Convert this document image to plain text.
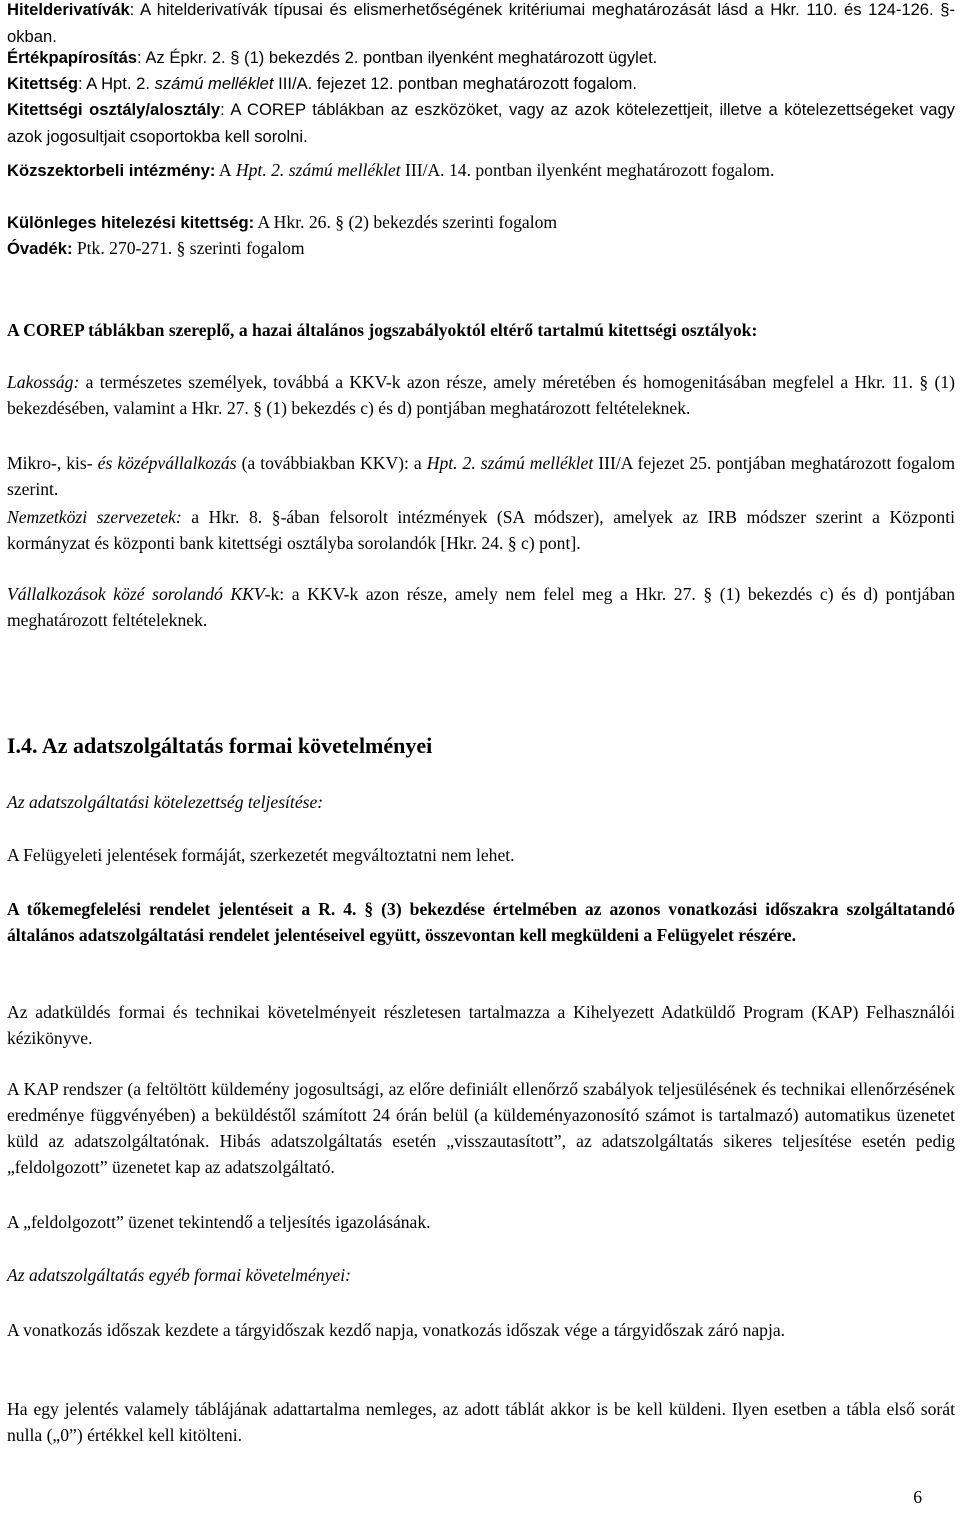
Hitelderivatívák: A hitelderivatívák típusai és elismerhetőségének kritériumai meghatározását lásd a Hkr. 110. és 124-126. §-okban.

Értékpapírosítás: Az Épkr. 2. § (1) bekezdés 2. pontban ilyenként meghatározott ügylet.

Kitettség: A Hpt. 2. számú melléklet III/A. fejezet 12. pontban meghatározott fogalom.

Kitettségi osztály/alosztály: A COREP táblákban az eszközöket, vagy az azok kötelezettjeit, illetve a kötelezettségeket vagy azok jogosultjait csoportokba kell sorolni.

Közszektorbeli intézmény: A Hpt. 2. számú melléklet III/A. 14. pontban ilyenként meghatározott fogalom.

Különleges hitelezési kitettség: A Hkr. 26. § (2) bekezdés szerinti fogalom

Óvadék: Ptk. 270-271. § szerinti fogalom

A COREP táblákban szereplő, a hazai általános jogszabályoktól eltérő tartalmú kitettségi osztályok:

Lakosság: a természetes személyek, továbbá a KKV-k azon része, amely méretében és homogenitásában megfelel a Hkr. 11. § (1) bekezdésében, valamint a Hkr. 27. § (1) bekezdés c) és d) pontjában meghatározott feltételeknek.

Mikro-, kis- és középvállalkozás (a továbbiakban KKV): a Hpt. 2. számú melléklet III/A fejezet 25. pontjában meghatározott fogalom szerint.

Nemzetközi szervezetek: a Hkr. 8. §-ában felsorolt intézmények (SA módszer), amelyek az IRB módszer szerint a Központi kormányzat és központi bank kitettségi osztályba sorolandók [Hkr. 24. § c) pont].

Vállalkozások közé sorolandó KKV-k: a KKV-k azon része, amely nem felel meg a Hkr. 27. § (1) bekezdés c) és d) pontjában meghatározott feltételeknek.

I.4. Az adatszolgáltatás formai követelményei

Az adatszolgáltatási kötelezettség teljesítése:

A Felügyeleti jelentések formáját, szerkezetét megváltoztatni nem lehet.

A tőkemegfelelési rendelet jelentéseit a R. 4. § (3) bekezdése értelmében az azonos vonatkozási időszakra szolgáltatandó általános adatszolgáltatási rendelet jelentéseivel együtt, összevontan kell megküldeni a Felügyelet részére.

Az adatküldés formai és technikai követelményeit részletesen tartalmazza a Kihelyezett Adatküldő Program (KAP) Felhasználói kézikönyve.

A KAP rendszer (a feltöltött küldemény jogosultsági, az előre definiált ellenőrző szabályok teljesülésének és technikai ellenőrzésének eredménye függvényében) a beküldéstől számított 24 órán belül (a küldeményazonosító számot is tartalmazó) automatikus üzenetet küld az adatszolgáltatónak. Hibás adatszolgáltatás esetén „visszautasított”, az adatszolgáltatás sikeres teljesítése esetén pedig „feldolgozott” üzenetet kap az adatszolgáltató.

A „feldolgozott” üzenet tekintendő a teljesítés igazolásának.

Az adatszolgáltatás egyéb formai követelményei:

A vonatkozás időszak kezdete a tárgyidőszak kezdő napja, vonatkozás időszak vége a tárgyidőszak záró napja.

Ha egy jelentés valamely táblájának adattartalma nemleges, az adott táblát akkor is be kell küldeni. Ilyen esetben a tábla első sorát nulla („0”) értékkel kell kitölteni.

6
